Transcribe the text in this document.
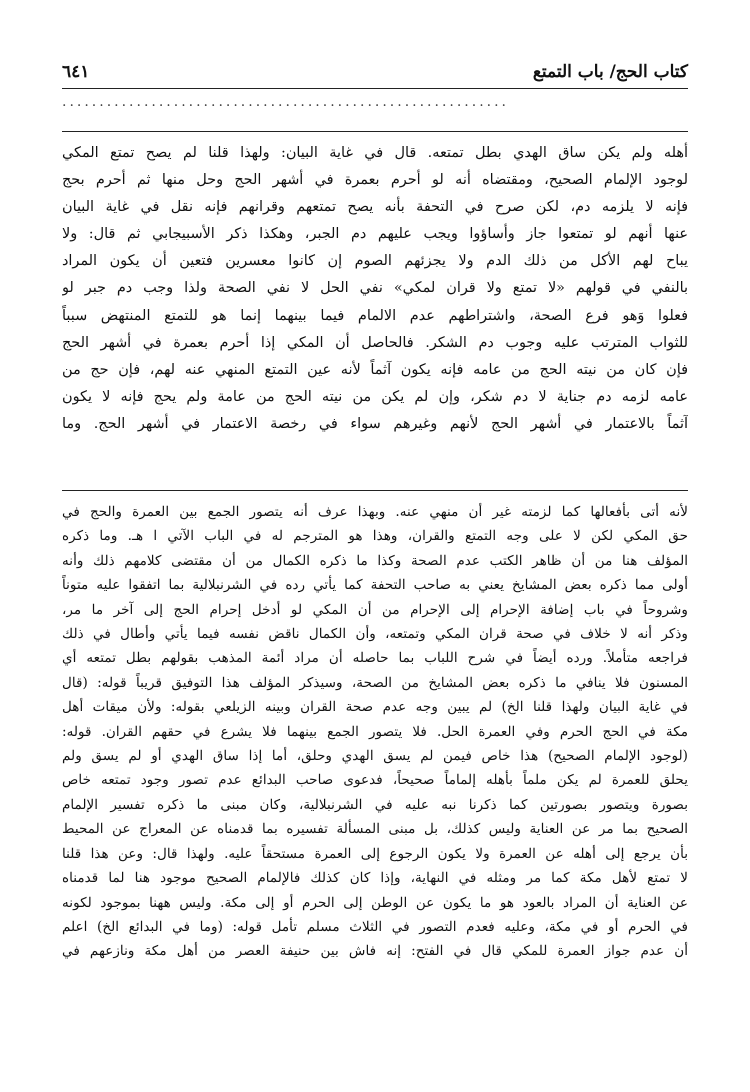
كتاب الحج/ باب التمتع
٦٤١
............................................................
أهله ولم يكن ساق الهدي بطل تمتعه. قال في غاية البيان: ولهذا قلنا لم يصح تمتع المكي
لوجود الإلمام الصحيح، ومقتضاه أنه لو أحرم بعمرة في أشهر الحج وحل منها ثم أحرم بحج
فإنه لا يلزمه دم، لكن صرح في التحفة بأنه يصح تمتعهم وقرانهم فإنه نقل في غاية البيان
عنها أنهم لو تمتعوا جاز وأساؤوا ويجب عليهم دم الجبر، وهكذا ذكر الأسبيجابي ثم قال: ولا
يباح لهم الأكل من ذلك الدم ولا يجزئهم الصوم إن كانوا معسرين فتعين أن يكون المراد
بالنفي في قولهم «لا تمتع ولا قران لمكي» نفي الحل لا نفي الصحة ولذا وجب دم جبر لو
فعلوا وَهو فرع الصحة، واشتراطهم عدم الالمام فيما بينهما إنما هو للتمتع المنتهض سبباً
للثواب المترتب عليه وجوب دم الشكر. فالحاصل أن المكي إذا أحرم بعمرة في أشهر الحج
فإن كان من نيته الحج من عامه فإنه يكون آثماً لأنه عين التمتع المنهي عنه لهم، فإن حج من
عامه لزمه دم جناية لا دم شكر، وإن لم يكن من نيته الحج من عامة ولم يحج فإنه لا يكون
آثماً بالاعتمار في أشهر الحج لأنهم وغيرهم سواء في رخصة الاعتمار في أشهر الحج. وما
لأنه أتى بأفعالها كما لزمته غير أن منهي عنه. وبهذا عرف أنه يتصور الجمع بين العمرة والحج في
حق المكي لكن لا على وجه التمتع والقران، وهذا هو المترجم له في الباب الآتي ا هـ. وما ذكره
المؤلف هنا من أن ظاهر الكتب عدم الصحة وكذا ما ذكره الكمال من أن مقتضى كلامهم ذلك وأنه
أولى مما ذكره بعض المشايخ يعني به صاحب التحفة كما يأتي رده في الشرنبلالية بما اتفقوا عليه متوناً
وشروحاً في باب إضافة الإحرام إلى الإحرام من أن المكي لو أدخل إحرام الحج إلى آخر ما مر،
وذكر أنه لا خلاف في صحة قران المكي وتمتعه، وأن الكمال ناقض نفسه فيما يأتي وأطال في ذلك
فراجعه متأملاً. ورده أيضاً في شرح اللباب بما حاصله أن مراد أئمة المذهب بقولهم بطل تمتعه أي
المسنون فلا ينافي ما ذكره بعض المشايخ من الصحة، وسيذكر المؤلف هذا التوفيق قريباً قوله: (قال
في غاية البيان ولهذا قلنا الخ) لم يبين وجه عدم صحة القران وبينه الزيلعي بقوله: ولأن ميقات أهل
مكة في الحج الحرم وفي العمرة الحل. فلا يتصور الجمع بينهما فلا يشرع في حقهم القران. قوله:
(لوجود الإلمام الصحيح) هذا خاص فيمن لم يسق الهدي وحلق، أما إذا ساق الهدي أو لم يسق ولم
يحلق للعمرة لم يكن ملماً بأهله إلماماً صحيحاً، فدعوى صاحب البدائع عدم تصور وجود تمتعه خاص
بصورة ويتصور بصورتين كما ذكرنا نبه عليه في الشرنبلالية، وكان مبنى ما ذكره تفسير الإلمام
الصحيح بما مر عن العناية وليس كذلك، بل مبنى المسألة تفسيره بما قدمناه عن المعراج عن المحيط
بأن يرجع إلى أهله عن العمرة ولا يكون الرجوع إلى العمرة مستحقاً عليه. ولهذا قال: وعن هذا قلنا
لا تمتع لأهل مكة كما مر ومثله في النهاية، وإذا كان كذلك فالإلمام الصحيح موجود هنا لما قدمناه
عن العناية أن المراد بالعود هو ما يكون عن الوطن إلى الحرم أو إلى مكة. وليس ههنا بموجود لكونه
في الحرم أو في مكة، وعليه فعدم التصور في الثلاث مسلم تأمل قوله: (وما في البدائع الخ) اعلم
أن عدم جواز العمرة للمكي قال في الفتح: إنه فاش بين حنيفة العصر من أهل مكة ونازعهم في
